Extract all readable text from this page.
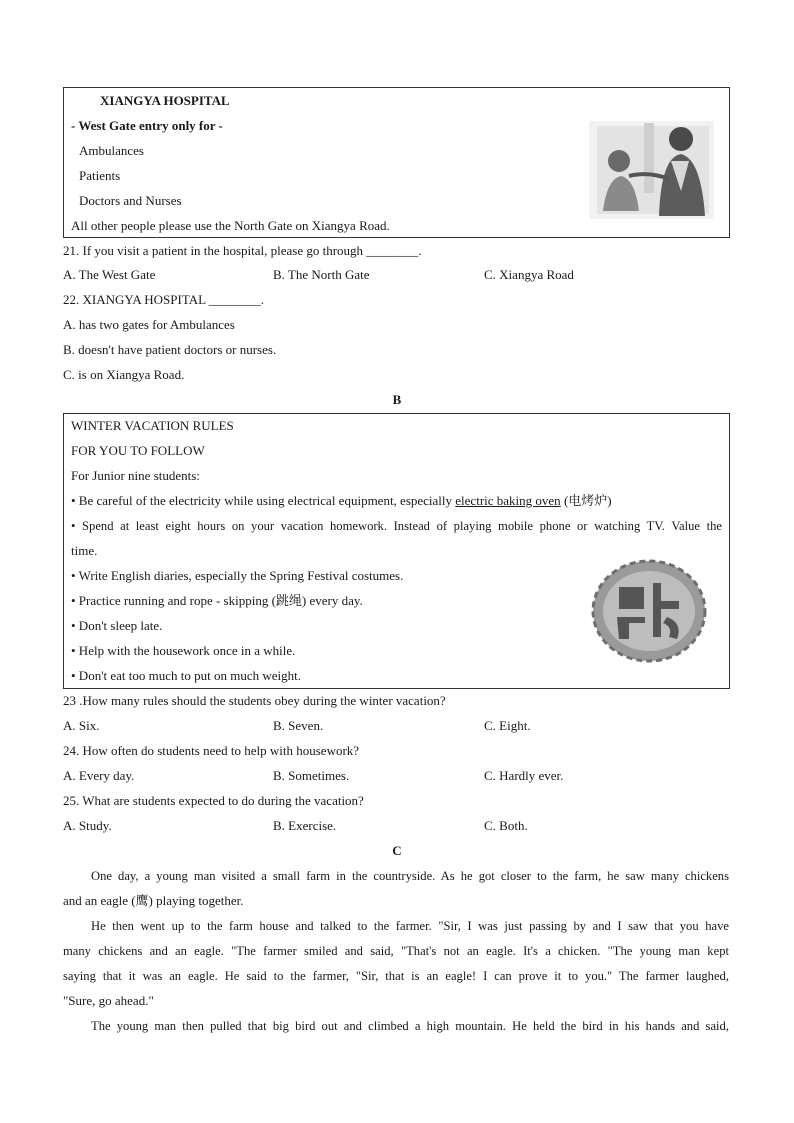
XIANGYA HOSPITAL
- West Gate entry only for -
Ambulances
Patients
Doctors and Nurses
All other people please use the North Gate on Xiangya Road.
21. If you visit a patient in the hospital, please go through ________.
A. The West Gate	B. The North Gate	C. Xiangya Road
22. XIANGYA HOSPITAL ________.
A. has two gates for Ambulances
B. doesn't have patient doctors or nurses.
C. is on Xiangya Road.
B
WINTER VACATION RULES
FOR YOU TO FOLLOW
For Junior nine students:
• Be careful of the electricity while using electrical equipment, especially electric baking oven (电烤炉)
• Spend at least eight hours on your vacation homework. Instead of playing mobile phone or watching TV. Value the
time.
• Write English diaries, especially the Spring Festival costumes.
• Practice running and rope - skipping (跳绳) every day.
• Don't sleep late.
• Help with the housework once in a while.
• Don't eat too much to put on much weight.
23 .How many rules should the students obey during the winter vacation?
A. Six.	B. Seven.	C. Eight.
24. How often do students need to help with housework?
A. Every day.	B. Sometimes.	C. Hardly ever.
25. What are students expected to do during the vacation?
A. Study.	B. Exercise.	C. Both.
C
One day, a young man visited a small farm in the countryside. As he got closer to the farm, he saw many chickens
and an eagle (鹰) playing together.
He then went up to the farm house and talked to the farmer. "Sir, I was just passing by and I saw that you have
many chickens and an eagle. "The farmer smiled and said, "That's not an eagle. It's a chicken. "The young man kept
saying that it was an eagle. He said to the farmer, "Sir, that is an eagle! I can prove it to you." The farmer laughed,
"Sure, go ahead."
The young man then pulled that big bird out and climbed a high mountain. He held the bird in his hands and said,
